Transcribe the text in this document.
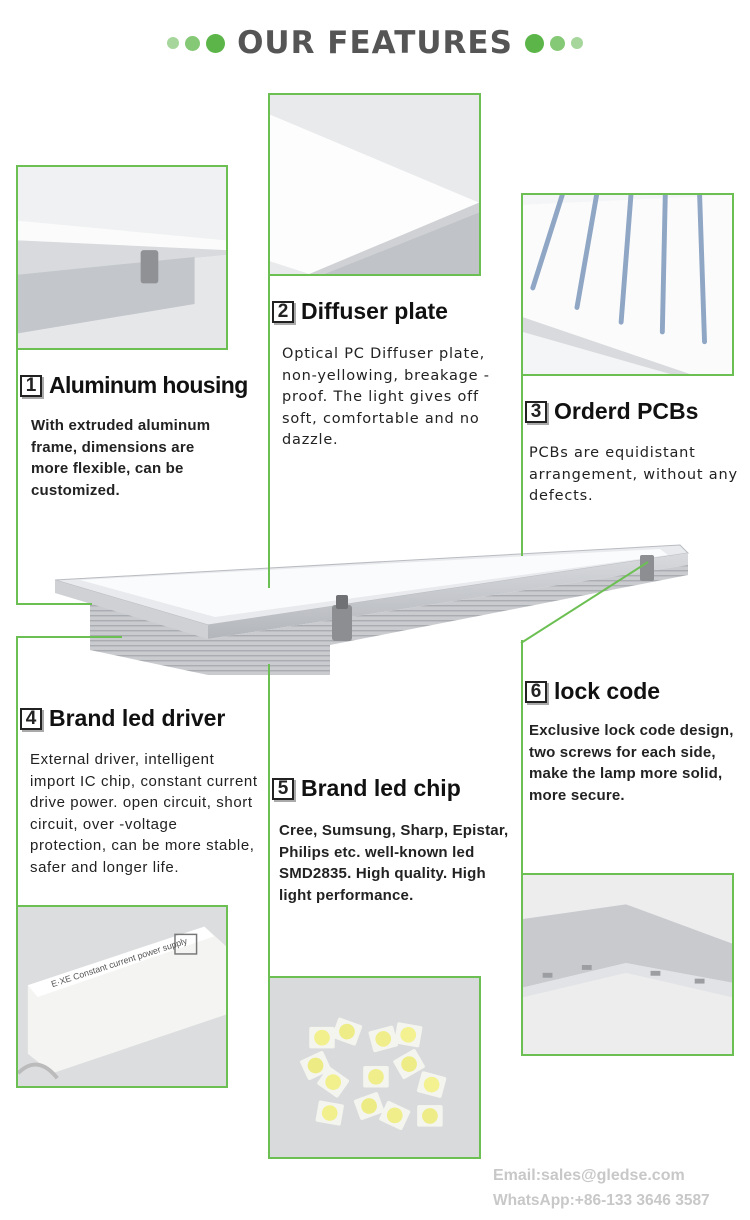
OUR FEATURES
1 Aluminum housing
With extruded aluminum frame, dimensions are more flexible, can be customized.
2 Diffuser plate
Optical PC Diffuser plate, non-yellowing, breakage -proof. The light gives off soft, comfortable and no dazzle.
3 Orderd PCBs
PCBs are equidistant arrangement, without any defects.
4 Brand led driver
External driver, intelligent import IC chip, constant current drive power. open circuit, short circuit, over -voltage protection, can be more stable, safer and longer life.
E·XE Constant current power supply
5 Brand led chip
Cree, Sumsung, Sharp, Epistar, Philips etc. well-known led SMD2835. High quality. High light performance.
6 lock code
Exclusive lock code design, two screws for each side, make the lamp more solid, more secure.
Email:sales@gledse.com
WhatsApp:+86-133 3646 3587
